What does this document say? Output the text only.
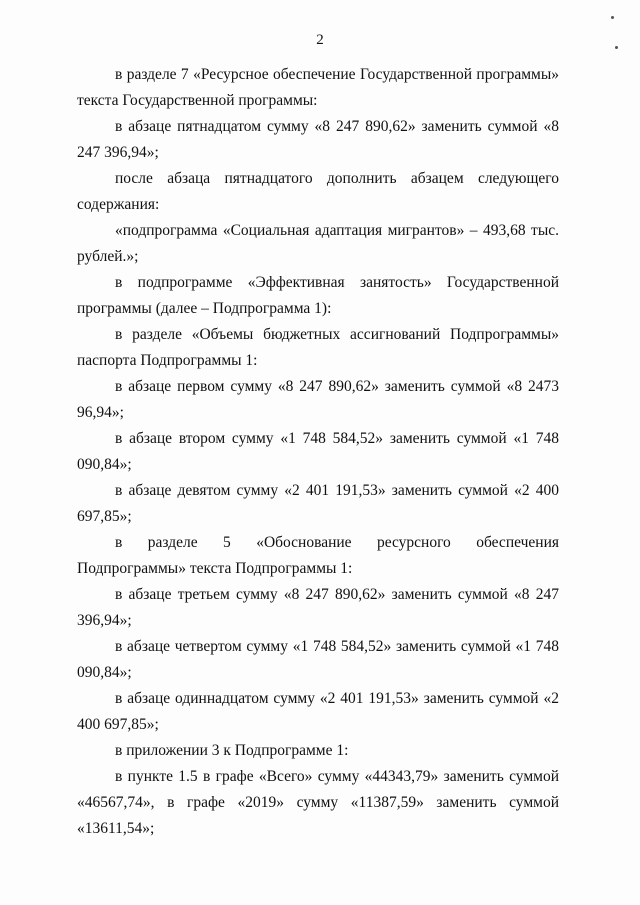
2

в разделе 7 «Ресурсное обеспечение Государственной программы» текста Государственной программы:

в абзаце пятнадцатом сумму «8 247 890,62» заменить суммой «8 247 396,94»;

после абзаца пятнадцатого дополнить абзацем следующего содержания:

«подпрограмма «Социальная адаптация мигрантов» – 493,68 тыс. рублей.»;

в подпрограмме «Эффективная занятость» Государственной программы (далее – Подпрограмма 1):

в разделе «Объемы бюджетных ассигнований Подпрограммы» паспорта Подпрограммы 1:

в абзаце первом сумму «8 247 890,62» заменить суммой «8 2473 96,94»;

в абзаце втором сумму «1 748 584,52» заменить суммой «1 748 090,84»;

в абзаце девятом сумму «2 401 191,53» заменить суммой «2 400 697,85»;

в разделе 5 «Обоснование ресурсного обеспечения Подпрограммы» текста Подпрограммы 1:

в абзаце третьем сумму «8 247 890,62» заменить суммой «8 247 396,94»;

в абзаце четвертом сумму «1 748 584,52» заменить суммой «1 748 090,84»;

в абзаце одиннадцатом сумму «2 401 191,53» заменить суммой «2 400 697,85»;

в приложении 3 к Подпрограмме 1:

в пункте 1.5 в графе «Всего» сумму «44343,79» заменить суммой «46567,74», в графе «2019» сумму «11387,59» заменить суммой «13611,54»;
